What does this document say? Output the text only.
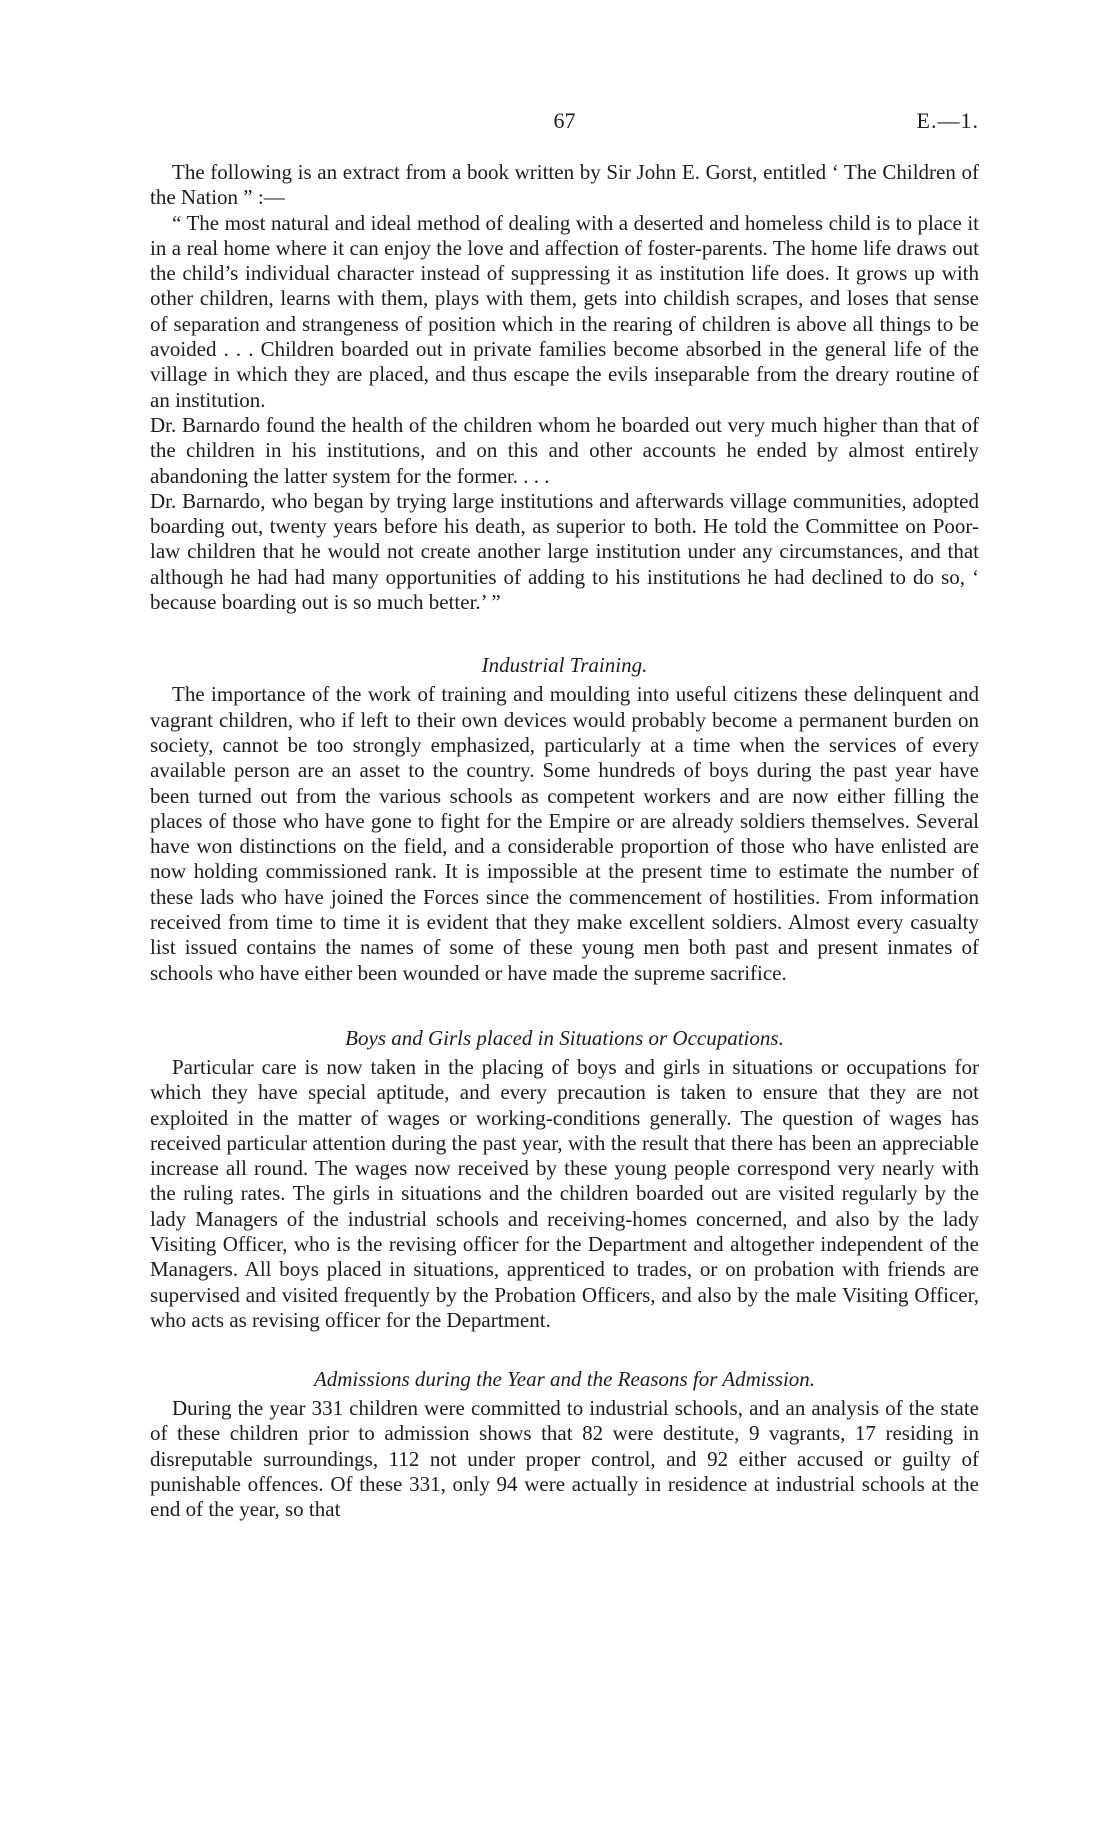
67	E.—1.

The following is an extract from a book written by Sir John E. Gorst, entitled ‘ The Children of the Nation ” :—

“ The most natural and ideal method of dealing with a deserted and homeless child is to place it in a real home where it can enjoy the love and affection of foster-parents. The home life draws out the child’s individual character instead of suppressing it as institution life does. It grows up with other children, learns with them, plays with them, gets into childish scrapes, and loses that sense of separation and strangeness of position which in the rearing of children is above all things to be avoided . . . Children boarded out in private families become absorbed in the general life of the village in which they are placed, and thus escape the evils inseparable from the dreary routine of an institution.

Dr. Barnardo found the health of the children whom he boarded out very much higher than that of the children in his institutions, and on this and other accounts he ended by almost entirely abandoning the latter system for the former. . . .

Dr. Barnardo, who began by trying large institutions and afterwards village communities, adopted boarding out, twenty years before his death, as superior to both. He told the Committee on Poor-law children that he would not create another large institution under any circumstances, and that although he had had many opportunities of adding to his institutions he had declined to do so, ‘ because boarding out is so much better.’ ”

Industrial Training.

The importance of the work of training and moulding into useful citizens these delinquent and vagrant children, who if left to their own devices would probably become a permanent burden on society, cannot be too strongly emphasized, particularly at a time when the services of every available person are an asset to the country. Some hundreds of boys during the past year have been turned out from the various schools as competent workers and are now either filling the places of those who have gone to fight for the Empire or are already soldiers themselves. Several have won distinctions on the field, and a considerable proportion of those who have enlisted are now holding commissioned rank. It is impossible at the present time to estimate the number of these lads who have joined the Forces since the commencement of hostilities. From information received from time to time it is evident that they make excellent soldiers. Almost every casualty list issued contains the names of some of these young men both past and present inmates of schools who have either been wounded or have made the supreme sacrifice.

Boys and Girls placed in Situations or Occupations.

Particular care is now taken in the placing of boys and girls in situations or occupations for which they have special aptitude, and every precaution is taken to ensure that they are not exploited in the matter of wages or working-conditions generally. The question of wages has received particular attention during the past year, with the result that there has been an appreciable increase all round. The wages now received by these young people correspond very nearly with the ruling rates. The girls in situations and the children boarded out are visited regularly by the lady Managers of the industrial schools and receiving-homes concerned, and also by the lady Visiting Officer, who is the revising officer for the Department and altogether independent of the Managers. All boys placed in situations, apprenticed to trades, or on probation with friends are supervised and visited frequently by the Probation Officers, and also by the male Visiting Officer, who acts as revising officer for the Department.

Admissions during the Year and the Reasons for Admission.

During the year 331 children were committed to industrial schools, and an analysis of the state of these children prior to admission shows that 82 were destitute, 9 vagrants, 17 residing in disreputable surroundings, 112 not under proper control, and 92 either accused or guilty of punishable offences. Of these 331, only 94 were actually in residence at industrial schools at the end of the year, so that
